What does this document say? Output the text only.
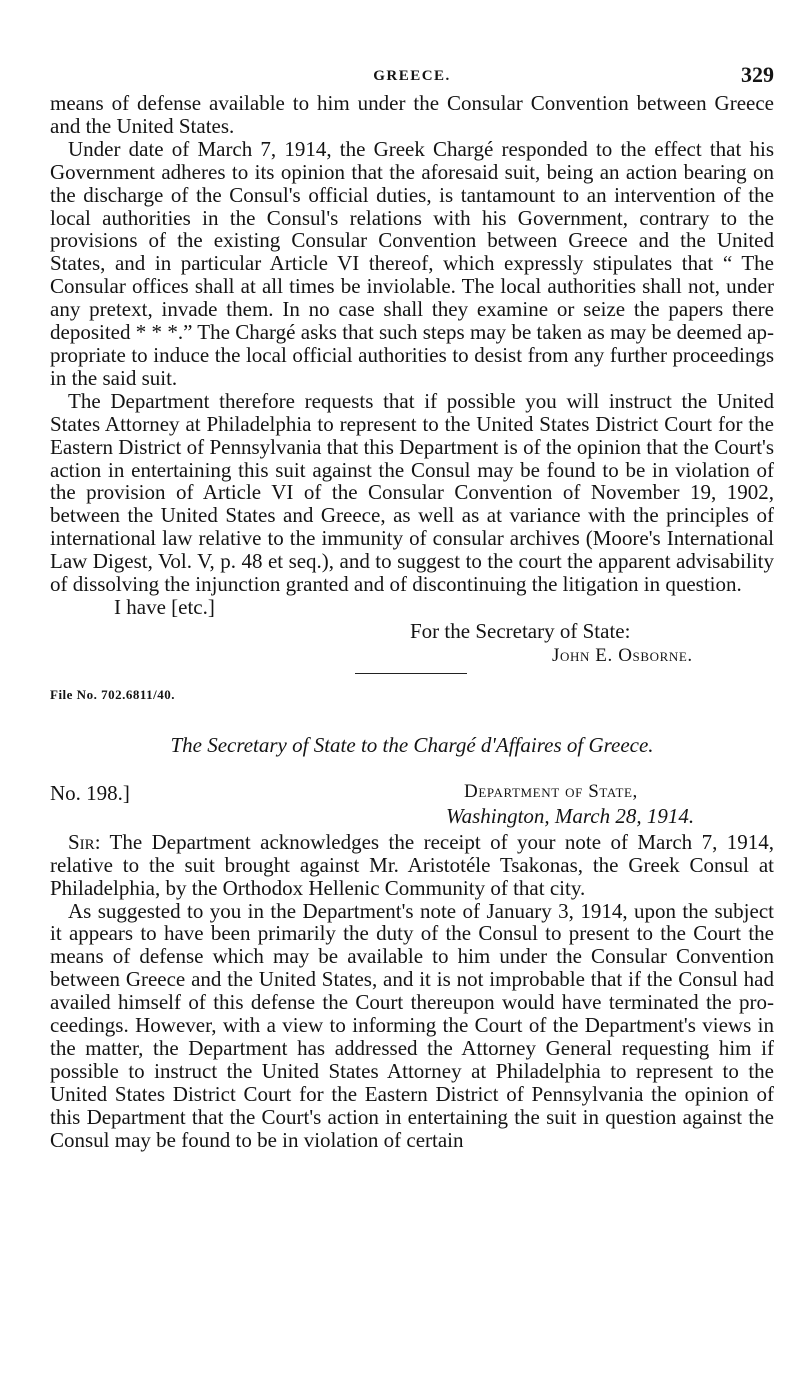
GREECE.	329

means of defense available to him under the Consular Convention between Greece and the United States.

Under date of March 7, 1914, the Greek Chargé responded to the effect that his Government adheres to its opinion that the aforesaid suit, being an action bearing on the discharge of the Consul's official duties, is tantamount to an intervention of the local authorities in the Consul's relations with his Government, contrary to the provisions of the existing Consular Convention between Greece and the United States, and in particular Article VI thereof, which expressly stipulates that “ The Consular offices shall at all times be inviolable. The local authorities shall not, under any pretext, invade them. In no case shall they examine or seize the papers there deposited * * *.” The Chargé asks that such steps may be taken as may be deemed appropriate to induce the local official authorities to desist from any further proceedings in the said suit.

The Department therefore requests that if possible you will instruct the United States Attorney at Philadelphia to represent to the United States District Court for the Eastern District of Pennsylvania that this Department is of the opinion that the Court's action in entertaining this suit against the Consul may be found to be in violation of the provision of Article VI of the Consular Convention of November 19, 1902, between the United States and Greece, as well as at variance with the principles of international law relative to the immunity of consular archives (Moore's International Law Digest, Vol. V, p. 48 et seq.), and to suggest to the court the apparent advisability of dissolving the injunction granted and of discontinuing the litigation in question.

I have [etc.]

For the Secretary of State:
John E. Osborne.
File No. 702.6811/40.
The Secretary of State to the Chargé d'Affaires of Greece.
No. 198.]	Department of State,
Washington, March 28, 1914.

Sir: The Department acknowledges the receipt of your note of March 7, 1914, relative to the suit brought against Mr. Aristotéle Tsakonas, the Greek Consul at Philadelphia, by the Orthodox Hellenic Community of that city.

As suggested to you in the Department's note of January 3, 1914, upon the subject it appears to have been primarily the duty of the Consul to present to the Court the means of defense which may be available to him under the Consular Convention between Greece and the United States, and it is not improbable that if the Consul had availed himself of this defense the Court thereupon would have terminated the proceedings. However, with a view to informing the Court of the Department's views in the matter, the Department has addressed the Attorney General requesting him if possible to instruct the United States Attorney at Philadelphia to represent to the United States District Court for the Eastern District of Pennsylvania the opinion of this Department that the Court's action in entertaining the suit in question against the Consul may be found to be in violation of certain
